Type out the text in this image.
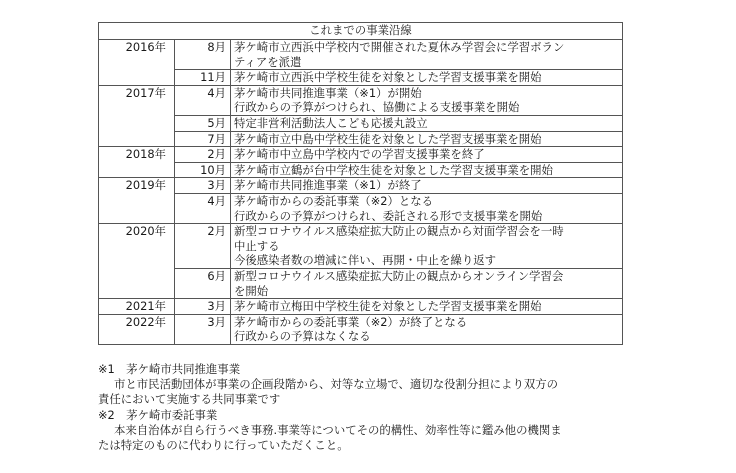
これまでの事業沿線		
2016年	8月	茅ケ崎市立西浜中学校内で開催された夏休み学習会に学習ボラン
ティアを派遣

	11月	茅ケ崎市立西浜中学校生徒を対象とした学習支援事業を開始

2017年	4月	茅ケ崎市共同推進事業（※1）が開始
行政からの予算がつけられ、協働による支援事業を開始

	5月	特定非営利活動法人こども応援丸設立

	7月	茅ケ崎市立中島中学校生徒を対象とした学習支援事業を開始

2018年	2月	茅ケ崎市中立島中学校内での学習支援事業を終了

	10月	茅ケ崎市立鶴が台中学校生徒を対象とした学習支援事業を開始

2019年	3月	茅ケ崎市共同推進事業（※1）が終了

	4月	茅ケ崎市からの委託事業（※2）となる
行政からの予算がつけられ、委託される形で支援事業を開始

2020年	2月	新型コロナウイルス感染症拡大防止の観点から対面学習会を一時
中止する
今後感染者数の増減に伴い、再開・中止を繰り返す

	6月	新型コロナウイルス感染症拡大防止の観点からオンライン学習会
を開始

2021年	3月	茅ケ崎市立梅田中学校生徒を対象とした学習支援事業を開始

2022年	3月	茅ケ崎市からの委託事業（※2）が終了となる
行政からの予算はなくなる
※1　茅ケ崎市共同推進事業
市と市民活動団体が事業の企画段階から、対等な立場で、適切な役割分担により双方の
責任において実施する共同事業です
※2　茅ケ崎市委託事業
本来自治体が自ら行うべき事務.事業等についてその的構性、効率性等に鑑み他の機関ま
たは特定のものに代わりに行っていただくこと。
